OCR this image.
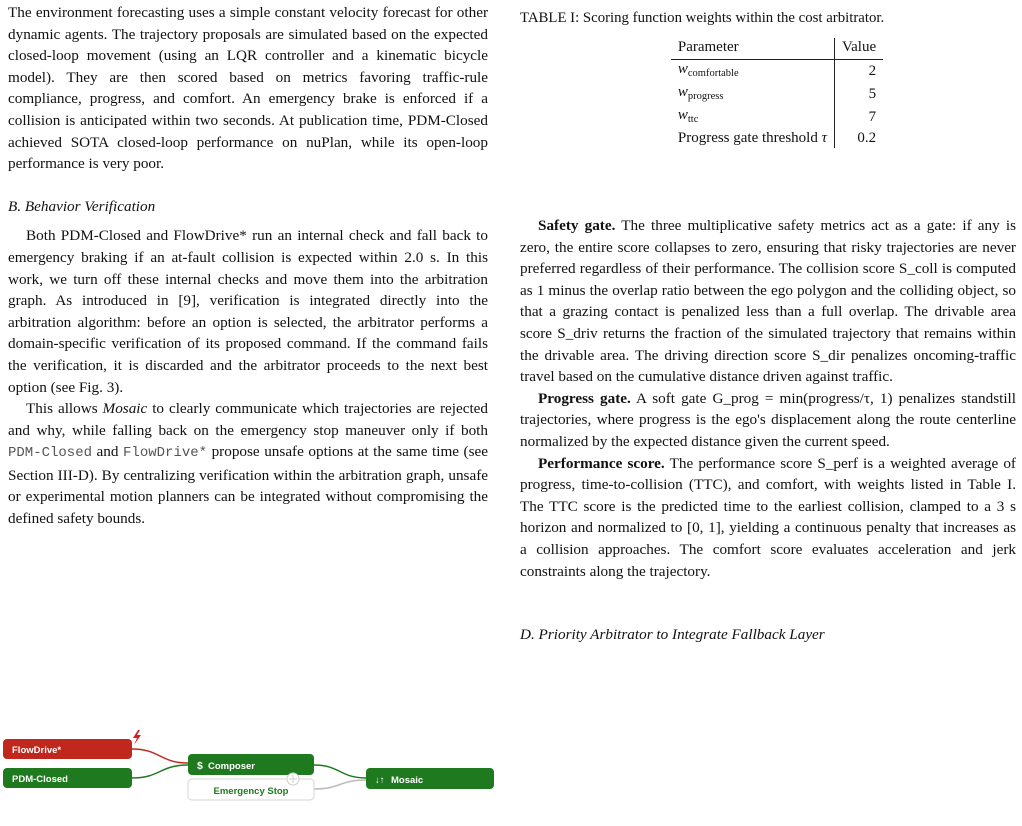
The environment forecasting uses a simple constant velocity forecast for other dynamic agents. The trajectory proposals are simulated based on the expected closed-loop movement (using an LQR controller and a kinematic bicycle model). They are then scored based on metrics favoring traffic-rule compliance, progress, and comfort. An emergency brake is enforced if a collision is anticipated within two seconds. At publication time, PDM-Closed achieved SOTA closed-loop performance on nuPlan, while its open-loop performance is very poor.

B. Behavior Verification

Both PDM-Closed and FlowDrive* run an internal check and fall back to emergency braking if an at-fault collision is expected within 2.0 s. In this work, we turn off these internal checks and move them into the arbitration graph. As introduced in [9], verification is integrated directly into the arbitration algorithm: before an option is selected, the arbitrator performs a domain-specific verification of its proposed command. If the command fails the verification, it is discarded and the arbitrator proceeds to the next best option (see Fig. 3).

This allows Mosaic to clearly communicate which trajectories are rejected and why, while falling back on the emergency stop maneuver only if both PDM-Closed and FlowDrive* propose unsafe options at the same time (see Section III-D). By centralizing verification within the arbitration graph, unsafe or experimental motion planners can be integrated without compromising the defined safety bounds.

FlowDrive*
PDM-Closed
$ Composer
Emergency Stop
↓↑ Mosaic

TABLE I: Scoring function weights within the cost arbitrator.

Parameter	Value
$w_{comfortable}$	2
$w_{progress}$	5
$w_{ttc}$	7
Progress gate threshold τ	0.2

Safety gate. The three multiplicative safety metrics act as a gate: if any is zero, the entire score collapses to zero, ensuring that risky trajectories are never preferred regardless of their performance. The collision score S_coll is computed as 1 minus the overlap ratio between the ego polygon and the colliding object, so that a grazing contact is penalized less than a full overlap. The drivable area score S_driv returns the fraction of the simulated trajectory that remains within the drivable area. The driving direction score S_dir penalizes oncoming-traffic travel based on the cumulative distance driven against traffic.

Progress gate. A soft gate G_prog = min(progress/τ, 1) penalizes standstill trajectories, where progress is the ego's displacement along the route centerline normalized by the expected distance given the current speed.

Performance score. The performance score S_perf is a weighted average of progress, time-to-collision (TTC), and comfort, with weights listed in Table I. The TTC score is the predicted time to the earliest collision, clamped to a 3 s horizon and normalized to [0, 1], yielding a continuous penalty that increases as a collision approaches. The comfort score evaluates acceleration and jerk constraints along the trajectory.

D. Priority Arbitrator to Integrate Fallback Layer
